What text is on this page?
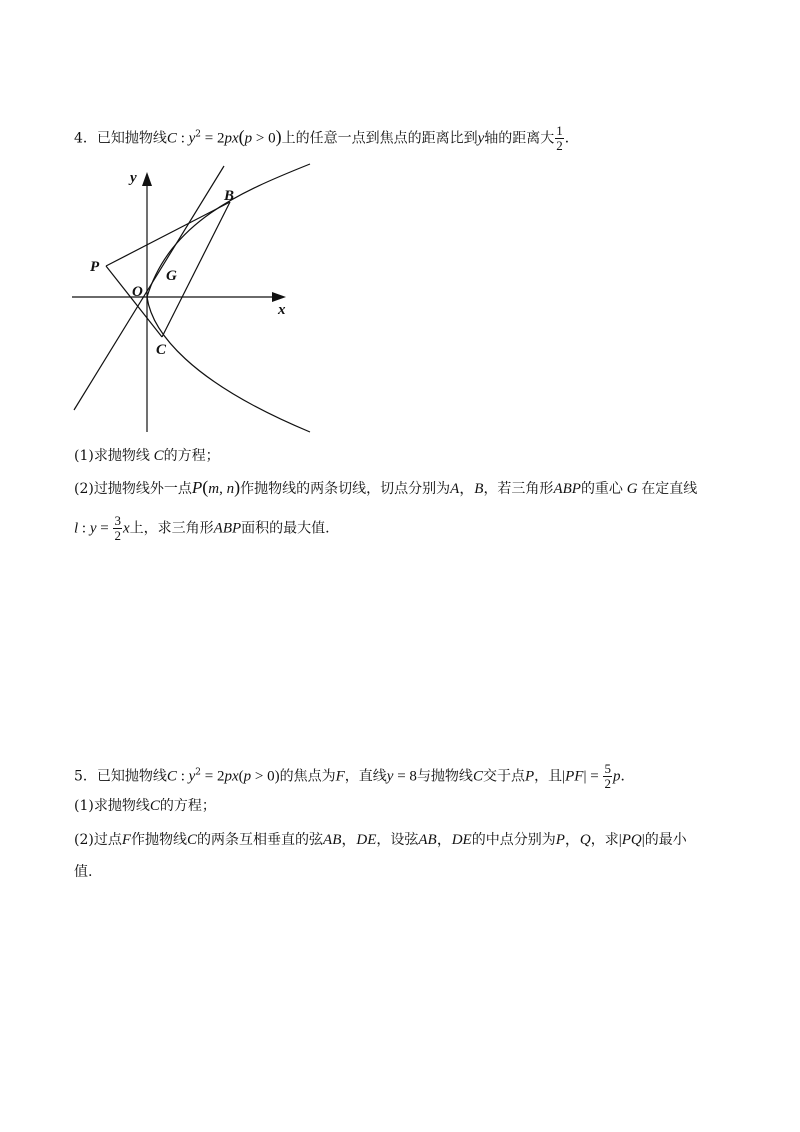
4．已知抛物线C : $y^2 = 2px(p > 0)$上的任意一点到焦点的距离比到y轴的距离大 $\frac{1}{2}$ ．
y
x
B
P
G
O
C
(1)求抛物线 C的方程；
(2)过抛物线外一点P(m, n)作抛物线的两条切线，切点分别为A，B，若三角形ABP的重心 G 在定直线
l : $y = \frac{3}{2}$ x上，求三角形ABP面积的最大值.
5．已知抛物线C : $y^2 = 2px(p > 0)$的焦点为F，直线y = 8与抛物线C交于点P，且$|PF| = \frac{5}{2}$ p．
(1)求抛物线C的方程；
(2)过点F作抛物线C的两条互相垂直的弦AB，DE，设弦AB，DE的中点分别为P，Q，求|PQ|的最小
值.
